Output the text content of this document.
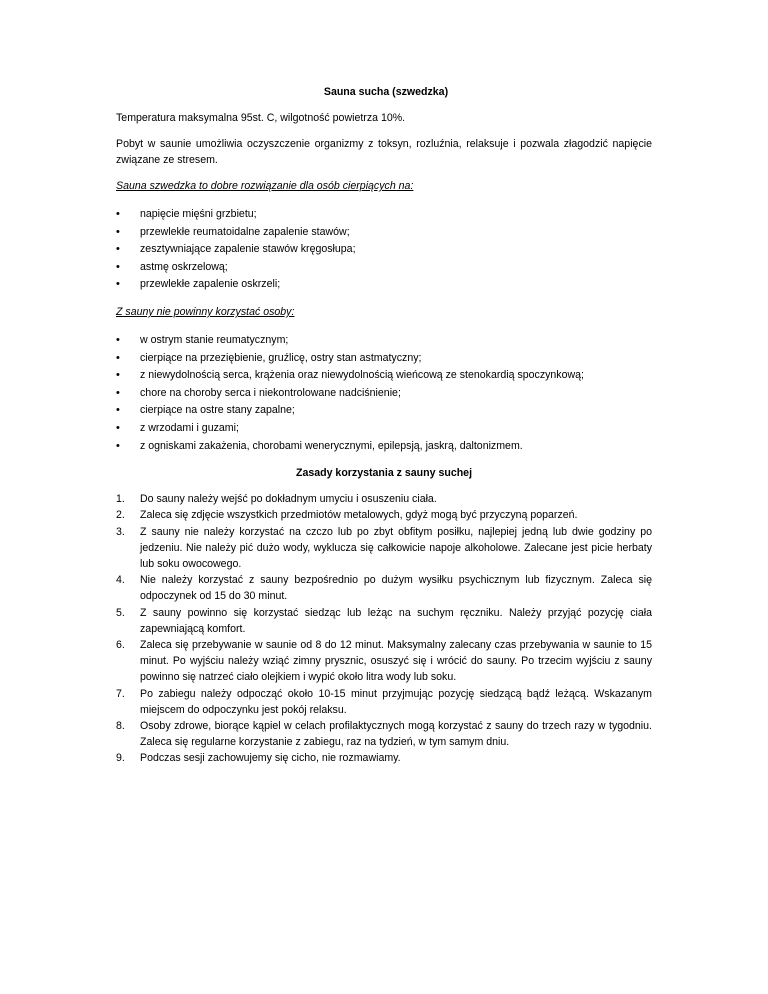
Sauna sucha (szwedzka)

Temperatura maksymalna 95st. C, wilgotność powietrza 10%.

Pobyt w saunie umożliwia oczyszczenie organizmy z toksyn, rozluźnia, relaksuje i pozwala złagodzić napięcie związane ze stresem.

Sauna szwedzka to dobre rozwiązanie dla osób cierpiących na:

• napięcie mięśni grzbietu;
• przewlekłe reumatoidalne zapalenie stawów;
• zesztywniające zapalenie stawów kręgosłupa;
• astmę oskrzelową;
• przewlekłe zapalenie oskrzeli;

Z sauny nie powinny korzystać osoby:

• w ostrym stanie reumatycznym;
• cierpiące na przeziębienie, gruźlicę, ostry stan astmatyczny;
• z niewydolnością serca, krążenia oraz niewydolnością wieńcową ze stenokardią spoczynkową;
• chore na choroby serca i niekontrolowane nadciśnienie;
• cierpiące na ostre stany zapalne;
• z wrzodami i guzami;
• z ogniskami zakażenia, chorobami wenerycznymi, epilepsją, jaskrą, daltonizmem.
Zasady korzystania z sauny suchej
1. Do sauny należy wejść po dokładnym umyciu i osuszeniu ciała.
2. Zaleca się zdjęcie wszystkich przedmiotów metalowych, gdyż mogą być przyczyną poparzeń.
3. Z sauny nie należy korzystać na czczo lub po zbyt obfitym posiłku, najlepiej jedną lub dwie godziny po jedzeniu. Nie należy pić dużo wody, wyklucza się całkowicie napoje alkoholowe. Zalecane jest picie herbaty lub soku owocowego.
4. Nie należy korzystać z sauny bezpośrednio po dużym wysiłku psychicznym lub fizycznym. Zaleca się odpoczynek od 15 do 30 minut.
5. Z sauny powinno się korzystać siedząc lub leżąc na suchym ręczniku. Należy przyjąć pozycję ciała zapewniającą komfort.
6. Zaleca się przebywanie w saunie od 8 do 12 minut. Maksymalny zalecany czas przebywania w saunie to 15 minut. Po wyjściu należy wziąć zimny prysznic, osuszyć się i wrócić do sauny. Po trzecim wyjściu z sauny powinno się natrzeć ciało olejkiem i wypić około litra wody lub soku.
7. Po zabiegu należy odpocząć około 10-15 minut przyjmując pozycję siedzącą bądź leżącą. Wskazanym miejscem do odpoczynku jest pokój relaksu.
8. Osoby zdrowe, biorące kąpiel w celach profilaktycznych mogą korzystać z sauny do trzech razy w tygodniu. Zaleca się regularne korzystanie z zabiegu, raz na tydzień, w tym samym dniu.
9. Podczas sesji zachowujemy się cicho, nie rozmawiamy.
